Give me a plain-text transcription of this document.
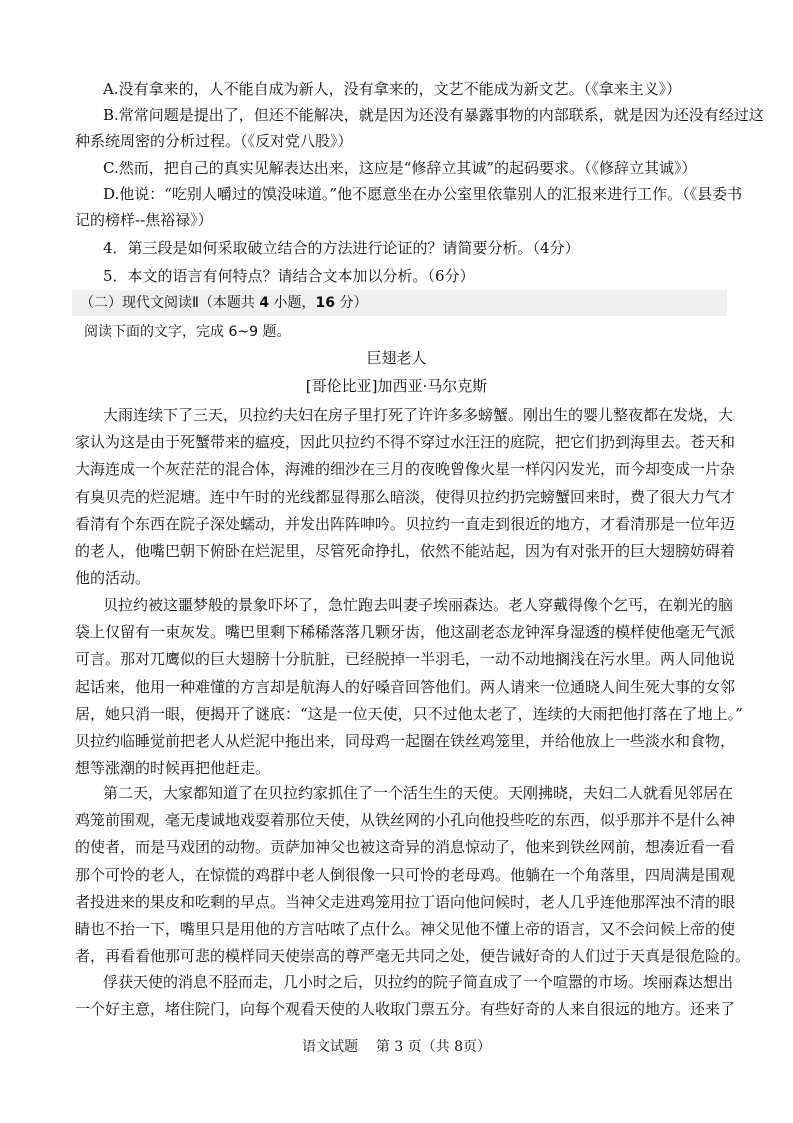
A.没有拿来的，人不能自成为新人，没有拿来的，文艺不能成为新文艺。（《拿来主义》）
B.常常问题是提出了，但还不能解决，就是因为还没有暴露事物的内部联系，就是因为还没有经过这
种系统周密的分析过程。（《反对党八股》）
C.然而，把自己的真实见解表达出来，这应是“修辞立其诚”的起码要求。（《修辞立其诚》）
D.他说：“吃别人嚼过的馍没味道。”他不愿意坐在办公室里依靠别人的汇报来进行工作。（《县委书
记的榜样--焦裕禄》）
4．第三段是如何采取破立结合的方法进行论证的？请简要分析。（4分）
5．本文的语言有何特点？请结合文本加以分析。（6分）
（二）现代文阅读Ⅱ（本题共 4 小题，16 分）
阅读下面的文字，完成 6~9 题。
巨翅老人
[哥伦比亚]加西亚·马尔克斯
大雨连续下了三天，贝拉约夫妇在房子里打死了许许多多螃蟹。刚出生的婴儿整夜都在发烧，大
家认为这是由于死蟹带来的瘟疫，因此贝拉约不得不穿过水汪汪的庭院，把它们扔到海里去。苍天和
大海连成一个灰茫茫的混合体，海滩的细沙在三月的夜晚曾像火星一样闪闪发光，而今却变成一片杂
有臭贝壳的烂泥塘。连中午时的光线都显得那么暗淡，使得贝拉约扔完螃蟹回来时，费了很大力气才
看清有个东西在院子深处蠕动，并发出阵阵呻吟。贝拉约一直走到很近的地方，才看清那是一位年迈
的老人，他嘴巴朝下俯卧在烂泥里，尽管死命挣扎，依然不能站起，因为有对张开的巨大翅膀妨碍着
他的活动。
贝拉约被这噩梦般的景象吓坏了，急忙跑去叫妻子埃丽森达。老人穿戴得像个乞丐，在剃光的脑
袋上仅留有一束灰发。嘴巴里剩下稀稀落落几颗牙齿，他这副老态龙钟浑身湿透的模样使他毫无气派
可言。那对兀鹰似的巨大翅膀十分肮脏，已经脱掉一半羽毛，一动不动地搁浅在污水里。两人同他说
起话来，他用一种难懂的方言却是航海人的好嗓音回答他们。两人请来一位通晓人间生死大事的女邻
居，她只消一眼，便揭开了谜底：“这是一位天使，只不过他太老了，连续的大雨把他打落在了地上。”
贝拉约临睡觉前把老人从烂泥中拖出来，同母鸡一起圈在铁丝鸡笼里，并给他放上一些淡水和食物，
想等涨潮的时候再把他赶走。
第二天，大家都知道了在贝拉约家抓住了一个活生生的天使。天刚拂晓，夫妇二人就看见邻居在
鸡笼前围观，毫无虔诚地戏耍着那位天使，从铁丝网的小孔向他投些吃的东西，似乎那并不是什么神
的使者，而是马戏团的动物。贡萨加神父也被这奇异的消息惊动了，他来到铁丝网前，想凑近看一看
那个可怜的老人，在惊慌的鸡群中老人倒很像一只可怜的老母鸡。他躺在一个角落里，四周满是围观
者投进来的果皮和吃剩的早点。当神父走进鸡笼用拉丁语向他问候时，老人几乎连他那浑浊不清的眼
睛也不抬一下，嘴里只是用他的方言咕哝了点什么。神父见他不懂上帝的语言，又不会问候上帝的使
者，再看看他那可悲的模样同天使崇高的尊严毫无共同之处，便告诫好奇的人们过于天真是很危险的。
俘获天使的消息不胫而走，几小时之后，贝拉约的院子简直成了一个喧嚣的市场。埃丽森达想出
一个好主意，堵住院门，向每个观看天使的人收取门票五分。有些好奇的人来自很远的地方。还来了
语文试题 第 3 页（共 8页）
